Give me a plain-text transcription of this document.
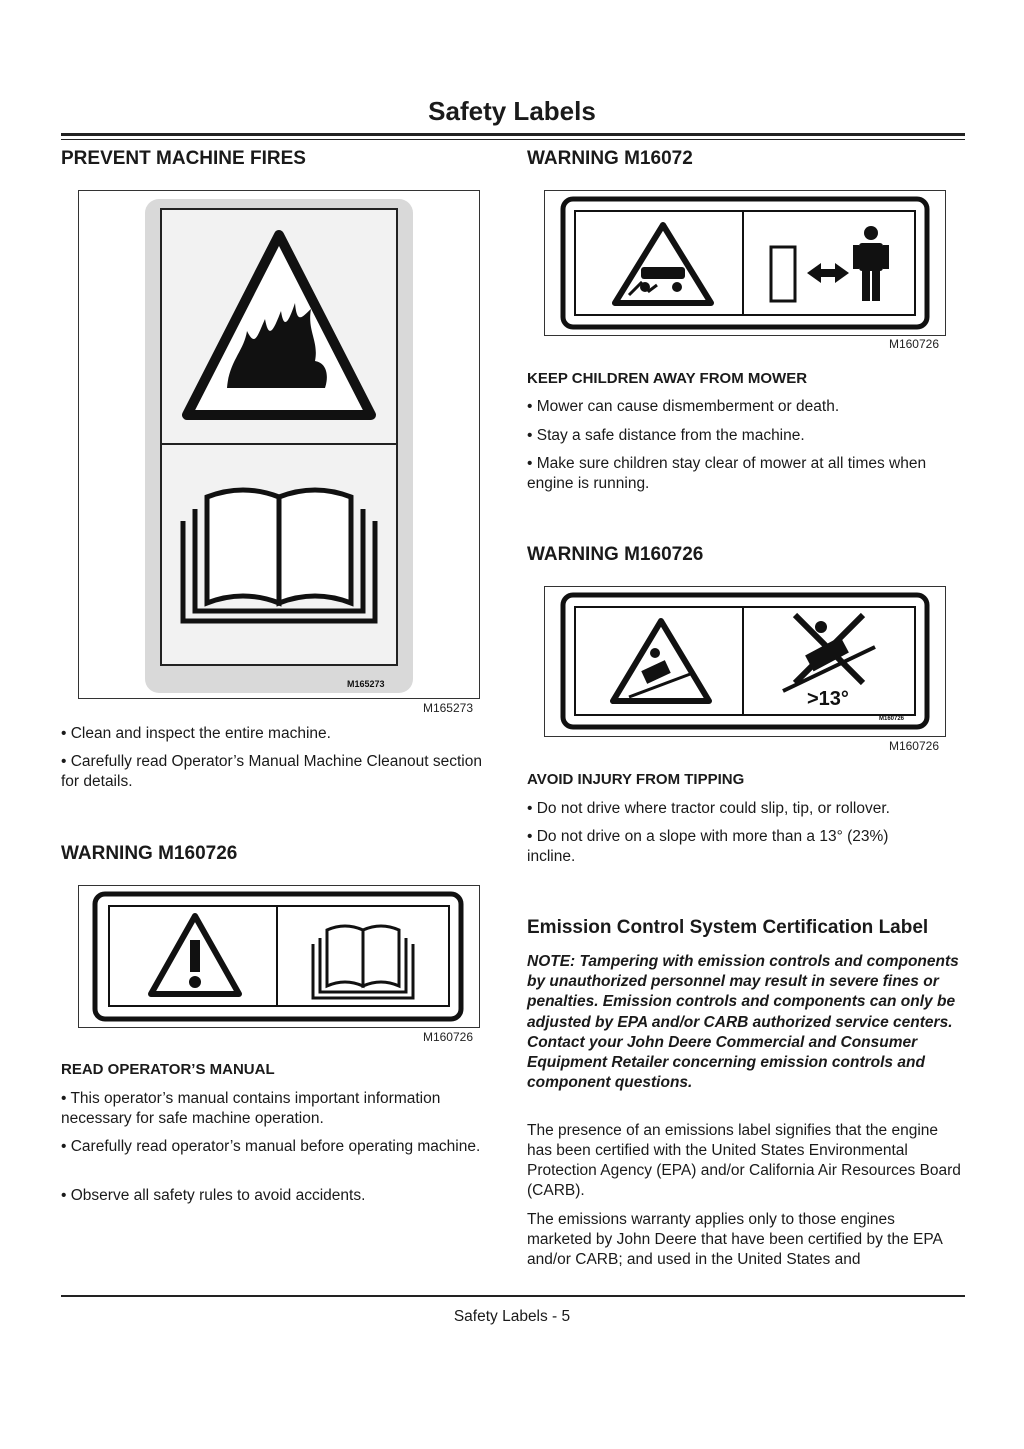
Safety Labels
PREVENT MACHINE FIRES
M165273
M165273
• Clean and inspect the entire machine.
• Carefully read Operator’s Manual Machine Cleanout section for details.
WARNING M160726
M160726
READ OPERATOR’S MANUAL
• This operator’s manual contains important information necessary for safe machine operation.
• Carefully read operator’s manual before operating machine.
• Observe all safety rules to avoid accidents.
WARNING M16072
M160726
KEEP CHILDREN AWAY FROM MOWER
• Mower can cause dismemberment or death.
• Stay a safe distance from the machine.
• Make sure children stay clear of mower at all times when engine is running.
WARNING M160726
>13°
M160726
M160726
AVOID INJURY FROM TIPPING
• Do not drive where tractor could slip, tip, or rollover.
• Do not drive on a slope with more than a 13° (23%) incline.
Emission Control System Certification Label
NOTE: Tampering with emission controls and components by unauthorized personnel may result in severe fines or penalties. Emission controls and components can only be adjusted by EPA and/or CARB authorized service centers. Contact your John Deere Commercial and Consumer Equipment Retailer concerning emission controls and component questions.
The presence of an emissions label signifies that the engine has been certified with the United States Environmental Protection Agency (EPA) and/or California Air Resources Board (CARB).
The emissions warranty applies only to those engines marketed by John Deere that have been certified by the EPA and/or CARB; and used in the United States and
Safety Labels - 5
